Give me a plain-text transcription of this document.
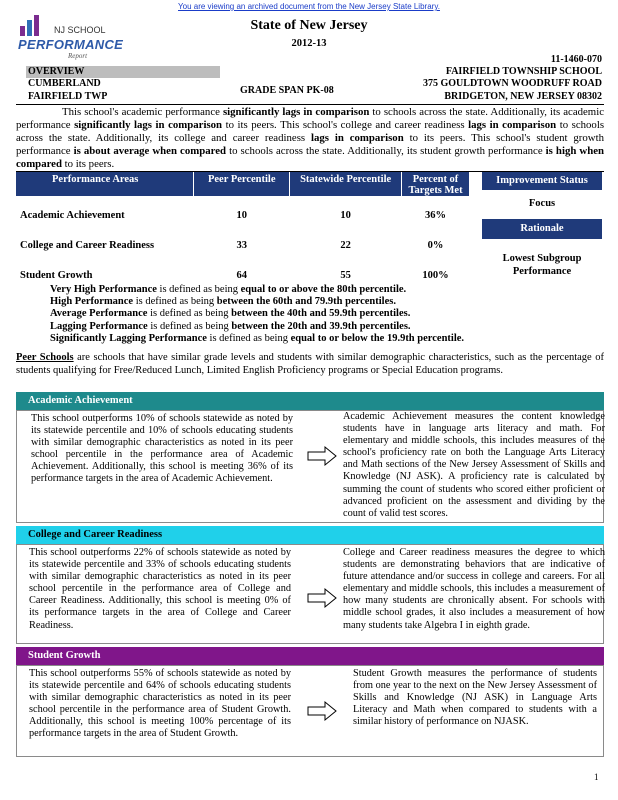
You are viewing an archived document from the New Jersey State Library.
NJ SCHOOL
PERFORMANCE
Report
State of New Jersey
2012-13
OVERVIEW
CUMBERLAND
FAIRFIELD TWP
GRADE SPAN PK-08
11-1460-070
FAIRFIELD TOWNSHIP SCHOOL
375 GOULDTOWN WOODRUFF ROAD
BRIDGETON, NEW JERSEY 08302
This school's academic performance significantly lags in comparison to schools across the state. Additionally, its academic performance significantly lags in comparison to its peers. This school's college and career readiness lags in comparison to schools across the state. Additionally, its college and career readiness lags in comparison to its peers. This school's student growth performance is about average when compared to schools across the state. Additionally, its student growth performance is high when compared to its peers.
Performance Areas	Peer Percentile	Statewide Percentile	Percent of Targets Met
Academic Achievement	10	10	36%
College and Career Readiness	33	22	0%
Student Growth	64	55	100%
Improvement Status
Focus
Rationale
Lowest Subgroup Performance
Very High Performance is defined as being equal to or above the 80th percentile.
High Performance is defined as being between the 60th and 79.9th percentiles.
Average Performance is defined as being between the 40th and 59.9th percentiles.
Lagging Performance is defined as being between the 20th and 39.9th percentiles.
Significantly Lagging Performance is defined as being equal to or below the 19.9th percentile.
Peer Schools are schools that have similar grade levels and students with similar demographic characteristics, such as the percentage of students qualifying for Free/Reduced Lunch, Limited English Proficiency programs or Special Education programs.
Academic Achievement
This school outperforms 10% of schools statewide as noted by its statewide percentile and 10% of schools educating students with similar demographic characteristics as noted in its peer school percentile in the performance area of Academic Achievement. Additionally, this school is meeting 36% of its performance targets in the area of Academic Achievement.
Academic Achievement measures the content knowledge students have in language arts literacy and math. For elementary and middle schools, this includes measures of the school's proficiency rate on both the Language Arts Literacy and Math sections of the New Jersey Assessment of Skills and Knowledge (NJ ASK). A proficiency rate is calculated by summing the count of students who scored either proficient or advanced proficient on the assessment and dividing by the count of valid test scores.
College and Career Readiness
This school outperforms 22% of schools statewide as noted by its statewide percentile and 33% of schools educating students with similar demographic characteristics as noted in its peer school percentile in the performance area of College and Career Readiness. Additionally, this school is meeting 0% of its performance targets in the area of College and Career Readiness.
College and Career readiness measures the degree to which students are demonstrating behaviors that are indicative of future attendance and/or success in college and careers. For all elementary and middle schools, this includes a measurement of how many students are chronically absent. For schools with middle school grades, it also includes a measurement of how many students take Algebra I in eighth grade.
Student Growth
This school outperforms 55% of schools statewide as noted by its statewide percentile and 64% of schools educating students with similar demographic characteristics as noted in its peer school percentile in the performance area of Student Growth. Additionally, this school is meeting 100% percentage of its performance targets in the area of Student Growth.
Student Growth measures the performance of students from one year to the next on the New Jersey Assessment of Skills and Knowledge (NJ ASK) in Language Arts Literacy and Math when compared to students with a similar history of performance on NJASK.
1
